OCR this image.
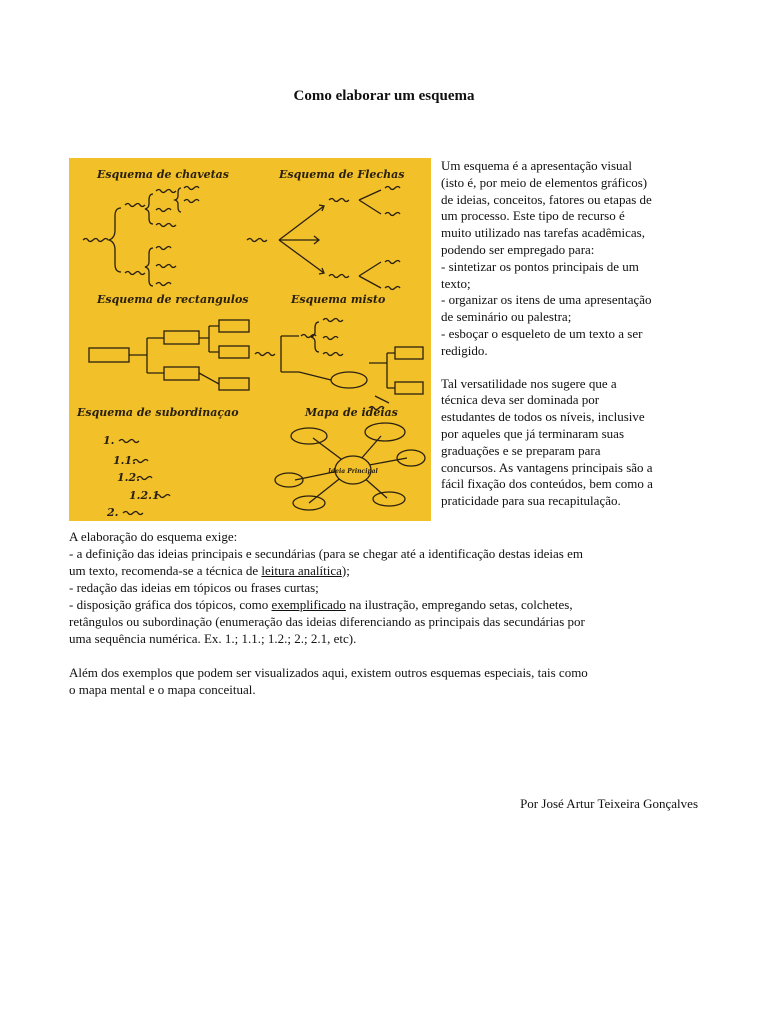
Como elaborar um esquema
Esquema de chavetas	Esquema de Flechas
Esquema de rectangulos	Esquema misto
Esquema de subordinaçao
1.
1.1.
1.2.
1.2.1
2.
Mapa de ideias
Ideia Principal

Um esquema é a apresentação visual
(isto é, por meio de elementos gráficos)
de ideias, conceitos, fatores ou etapas de
um processo. Este tipo de recurso é
muito utilizado nas tarefas acadêmicas,
podendo ser empregado para:
- sintetizar os pontos principais de um
texto;
- organizar os itens de uma apresentação
de seminário ou palestra;
- esboçar o esqueleto de um texto a ser
redigido.

Tal versatilidade nos sugere que a
técnica deva ser dominada por
estudantes de todos os níveis, inclusive
por aqueles que já terminaram suas
graduações e se preparam para
concursos. As vantagens principais são a
fácil fixação dos conteúdos, bem como a
praticidade para sua recapitulação.

A elaboração do esquema exige:
- a definição das ideias principais e secundárias (para se chegar até a identificação destas ideias em
um texto, recomenda-se a técnica de leitura analítica);
- redação das ideias em tópicos ou frases curtas;
- disposição gráfica dos tópicos, como exemplificado na ilustração, empregando setas, colchetes,
retângulos ou subordinação (enumeração das ideias diferenciando as principais das secundárias por
uma sequência numérica. Ex. 1.; 1.1.; 1.2.; 2.; 2.1, etc).

Além dos exemplos que podem ser visualizados aqui, existem outros esquemas especiais, tais como
o mapa mental e o mapa conceitual.

Por José Artur Teixeira Gonçalves
